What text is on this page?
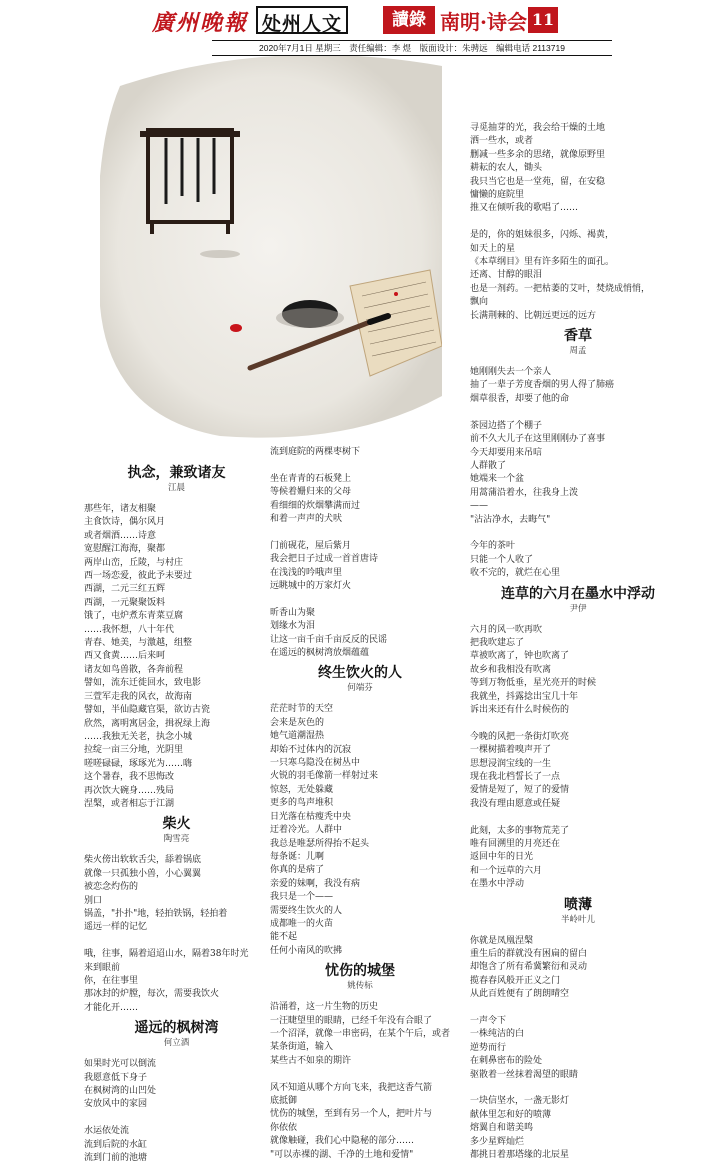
廣州晚報 处州人文	讀錄 南明·诗会 11
2020年7月1日 星期三　责任编辑：李 煜　版面设计：朱骋远　编辑电话 2113719
执念，兼致诸友
江晨

那些年，诸友相聚

主食饮诗，偶尔风月

或者烟酒……诗意

宽慰醒江海海，聚都

两岸山峦，丘陵，与村庄

西一场恋爱，彼此予未要过

西湖，二元三红五辉

西湖，一元聚聚饭料

饿了，屯炉煮东青菜豆腐

……我怀想，八十年代

青春、她美，与激越，组整

西又食黄……后来呵

诸友如鸟兽散，各奔前程

譬如，流东迁徙回水，致电影

三萱军走我的风衣，故海南

譬如，半仙隐藏官渠，欲访古瓷

欣然，离明寓居金，揖祝绿上海

……我独无关老，执念小城

拉绽一亩三分地，光阴里

嗟嗟碌碌，琢琢光为……嗨

这个暑春，我不思悔改

再次饮大碗身……残局

涅槃，或者相忘于江湖

柴火
陶雪亮

柴火傍出软软舌尖，舔着锅底

就像一只孤独小兽，小心翼翼

被恋念灼伤的

别口

锅盖，"扑扑"地，轻拍铁锅，轻拍着

遥远一样的记忆

哦，往事，隔着迢迢山水，隔着38年时光

来到眼前

你，在往事里

那冰封的炉膛，每次，需要我饮火

才能化开……

遥远的枫树湾
何立酒

如果时光可以倒流

我愿意低下身子

在枫树湾的山凹处

安放风中的家园

水运依处流

流到后院的水缸

流到门前的池塘

流到庭院的两棵枣树下

坐在青青的石板凳上

等候着姗归来的父母

看细细的炊烟攀满而过

和着一声声的犬吠

门前砚花，屋后紫月

我会把日子过成一首首唐诗

在浅浅的吟哦声里

远眺城中的万家灯火

昕香山为聚

划缘水为泪

让这一亩千亩千亩反反的民谣

在遥远的枫树湾放烟蕴蕴

终生饮火的人
何端芬

茫茫时节的天空

会来是灰色的

她气道潮湿热

却始不过体内的沉寂

一只寒乌隐没在树丛中

火锐的羽毛像箭一样射过来

惊怒，无处躲藏

更多的鸟声堆积

日光落在枯瘦秃中央

迂着冷光。人群中

我总是唯瑟所得抬不起头

每条诞：儿啊

你真的是病了

亲爱的妹啊，我没有病

我只是一个——

需要终生饮火的人

成都唯一的火苗

能不起

任何小南风的吹拂

忧伤的城堡
姚传标

沿涌着，这一片生物的历史

一汪睫望里的眼睛，已经千年没有合眼了

一个沼泽，就像一串密码，在某个午后，或者

某条街道，输入

某些古不如泉的期许

风不知道从哪个方向飞来，我把这香气箭

底抵御

忧伤的城堡，至到有另一个人，把叶片与

你依依

就像触碰，我们心中隐秘的部分……

"可以赤裸的湖、千净的土地和爱情"

寻觅抽芽的光，我会给干燥的土地

洒一些水，或者

删减一些多余的思绪，就像原野里

耕耘的农人，锄头

我只当它也是一堂苑，留，在安稳

慵懒的庭院里

推又在倾听我的歌唱了……

是的，你的姐妹很多，闪烁、褐黄，

如天上的星

《本草纲目》里有许多陌生的面孔。

还离、甘醇的眼泪

也是一剂药。一把枯萎的艾叶，焚烧成悄悄，

飘向

长满荆棘的、比朝远更远的远方

香草
周孟

她刚刚失去一个亲人

抽了一辈子芳度香烟的男人得了肺癌

烟草很香，却要了他的命

茶园边搭了个棚子

前不久大儿子在这里刚刚办了喜事

今天却要用来吊唁

人群散了

她端来一个盆

用蒿蒲沿着水，往我身上泼

——

"沾沾净水，去晦气"

今年的茶叶

只能一个人收了

收不完的，就烂在心里

连草的六月在墨水中浮动
尹伊

六月的风一吹再吹

把我吹建忘了

草被吹离了，钟也吹离了

故乡和我相没有吹离

等到万物低垂，星光亮开的时候

我就坐，抖露捻出宝几十年

诉出来还有什么时候伤的

今晚的风把一条街灯吹亮

一棵树描着嗅声开了

思想浸润宝线的一生

现在我北档誓长了一点

爱情是短了，短了的爱情

我没有理由愿意或任疑

此刻，太多的事物荒芜了

唯有回溯里的月亮还在

返回中年的日光

和一个远草的六月

在墨水中浮动

喷薄
半岭叶儿

你就是凤凰涅槃

重生后的群就没有困扁的留白

却饱含了所有希冀繁衍和灵动

揽春春风般开正义之门

从此百姓便有了朗朗晴空

一声令下

一株纯洁的白

逆势而行

在刺鼻密布的险处

驱散着一丝抹着渴望的眼睛

一块信坚水，一盏无影灯

献体里怎和好的喷薄

熔翼自和谐美鸣

多少星辉灿烂

都挑日着那塔缘的北辰星
